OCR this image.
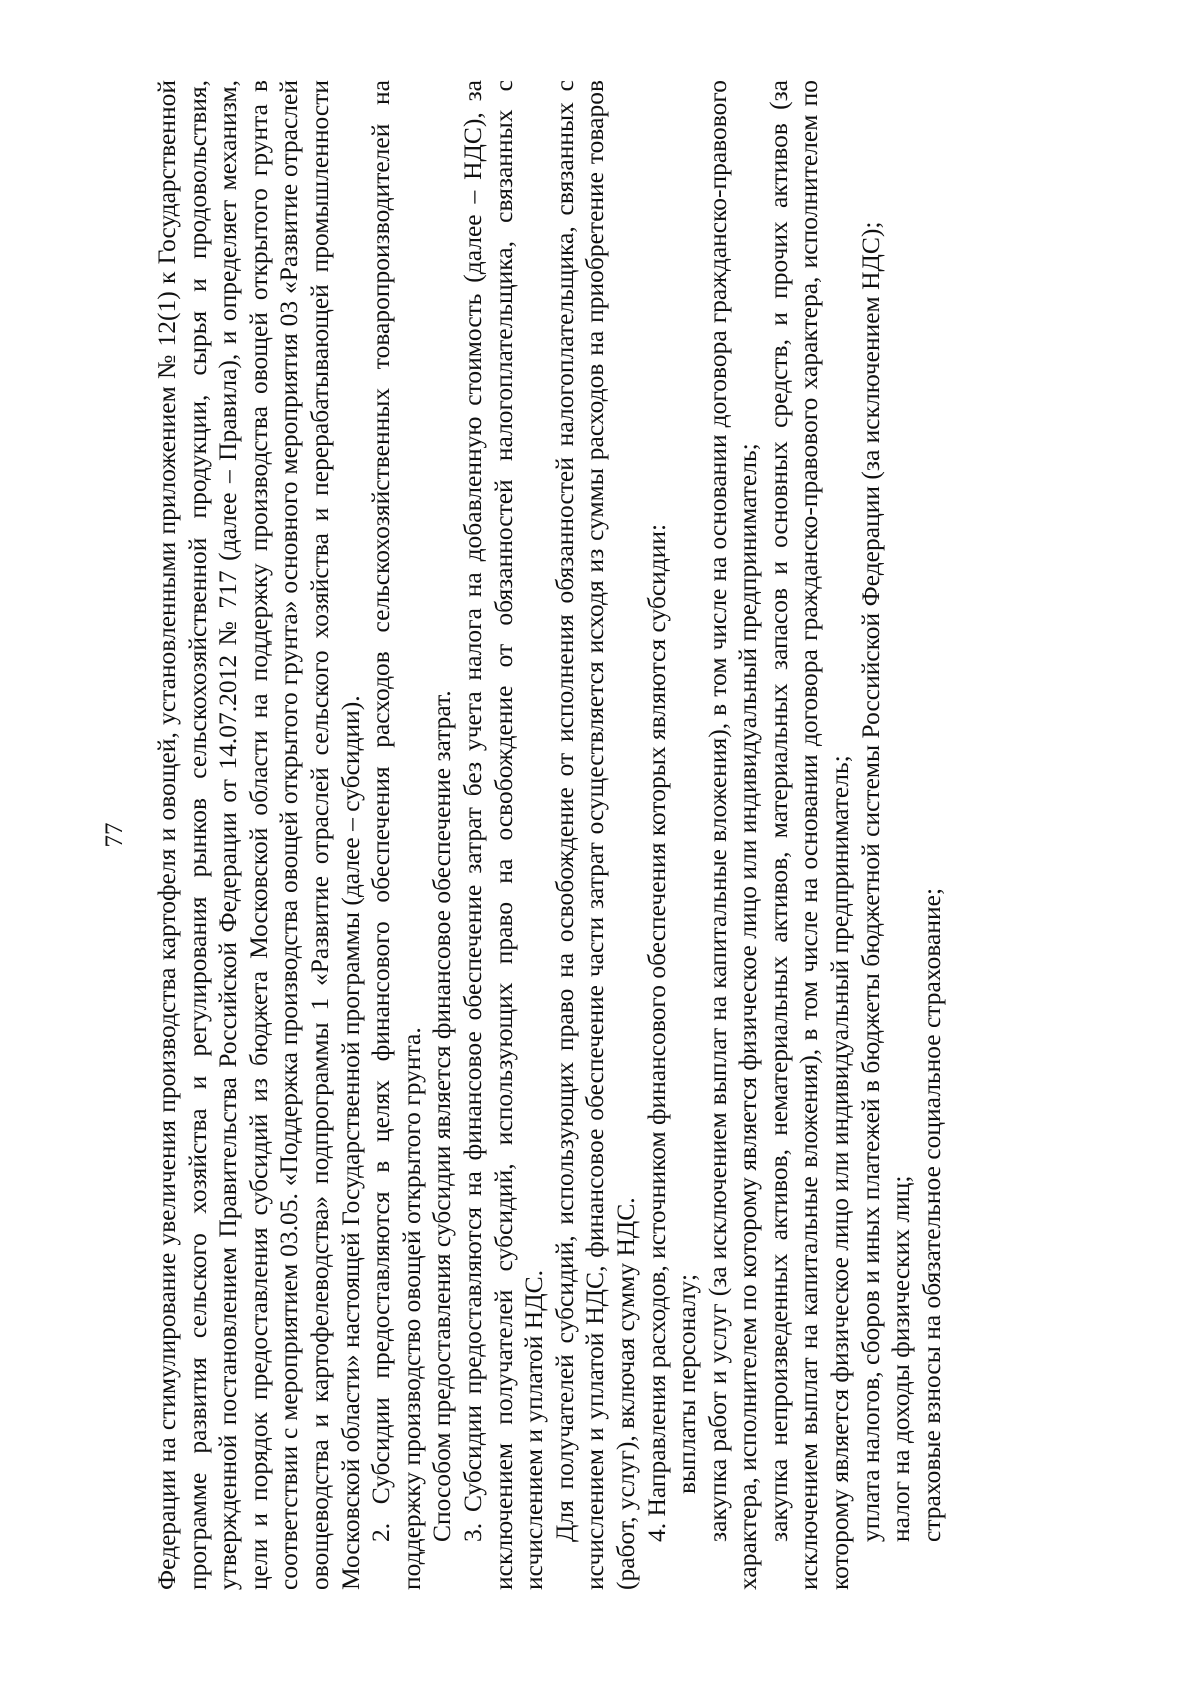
77 Федерации на стимулирование увеличения производства картофеля и овощей, установленными приложением № 12(1) к Государственной программе развития сельского хозяйства и регулирования рынков сельскохозяйственной продукции, сырья и продовольствия, утвержденной постановлением Правительства Российской Федерации от 14.07.2012 № 717 (далее – Правила), и определяет механизм, цели и порядок предоставления субсидий из бюджета Московской области на поддержку производства овощей открытого грунта в соответствии с мероприятием 03.05. «Поддержка производства овощей открытого грунта» основного мероприятия 03 «Развитие отраслей овощеводства и картофелеводства» подпрограммы 1 «Развитие отраслей сельского хозяйства и перерабатывающей промышленности Московской области» настоящей Государственной программы (далее – субсидии). 2. Субсидии предоставляются в целях финансового обеспечения расходов сельскохозяйственных товаропроизводителей на поддержку производство овощей открытого грунта. Способом предоставления субсидии является финансовое обеспечение затрат. 3. Субсидии предоставляются на финансовое обеспечение затрат без учета налога на добавленную стоимость (далее – НДС), за исключением получателей субсидий, использующих право на освобождение от обязанностей налогоплательщика, связанных с исчислением и уплатой НДС. Для получателей субсидий, использующих право на освобождение от исполнения обязанностей налогоплательщика, связанных с исчислением и уплатой НДС, финансовое обеспечение части затрат осуществляется исходя из суммы расходов на приобретение товаров (работ, услуг), включая сумму НДС. 4. Направления расходов, источником финансового обеспечения которых являются субсидии: выплаты персоналу; закупка работ и услуг (за исключением выплат на капитальные вложения), в том числе на основании договора гражданско-правового характера, исполнителем по которому является физическое лицо или индивидуальный предприниматель; закупка непроизведенных активов, нематериальных активов, материальных запасов и основных средств, и прочих активов (за исключением выплат на капитальные вложения), в том числе на основании договора гражданско-правового характера, исполнителем по которому является физическое лицо или индивидуальный предприниматель; уплата налогов, сборов и иных платежей в бюджеты бюджетной системы Российской Федерации (за исключением НДС); налог на доходы физических лиц; страховые взносы на обязательное социальное страхование;
